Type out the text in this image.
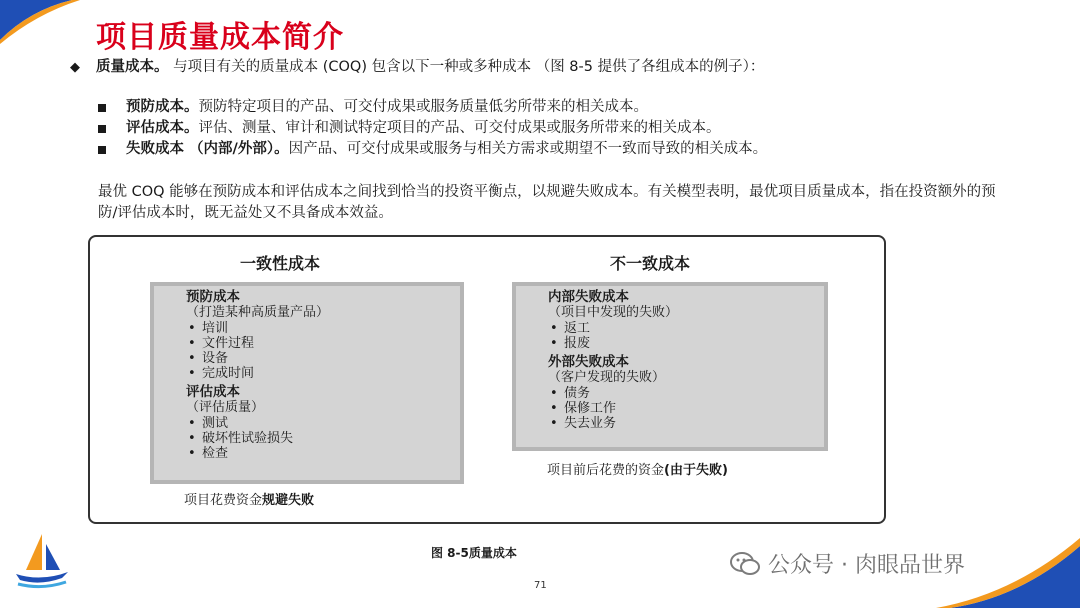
项目质量成本简介
◆ 质量成本。 与项目有关的质量成本 (COQ) 包含以下一种或多种成本 （图 8-5 提供了各组成本的例子）：
预防成本。预防特定项目的产品、可交付成果或服务质量低劣所带来的相关成本。
评估成本。评估、测量、审计和测试特定项目的产品、可交付成果或服务所带来的相关成本。
失败成本 （内部/外部）。因产品、可交付成果或服务与相关方需求或期望不一致而导致的相关成本。
最优 COQ 能够在预防成本和评估成本之间找到恰当的投资平衡点，以规避失败成本。有关模型表明，最优项目质量成本，指在投资额外的预防/评估成本时，既无益处又不具备成本效益。
一致性成本	不一致成本
预防成本
（打造某种高质量产品）
• 培训
• 文件过程
• 设备
• 完成时间
评估成本
（评估质量）
• 测试
• 破坏性试验损失
• 检查
内部失败成本
（项目中发现的失败）
• 返工
• 报废
外部失败成本
（客户发现的失败）
• 债务
• 保修工作
• 失去业务
项目花费资金规避失败
项目前后花费的资金(由于失败)
图 8-5质量成本
71
公众号 · 肉眼品世界
